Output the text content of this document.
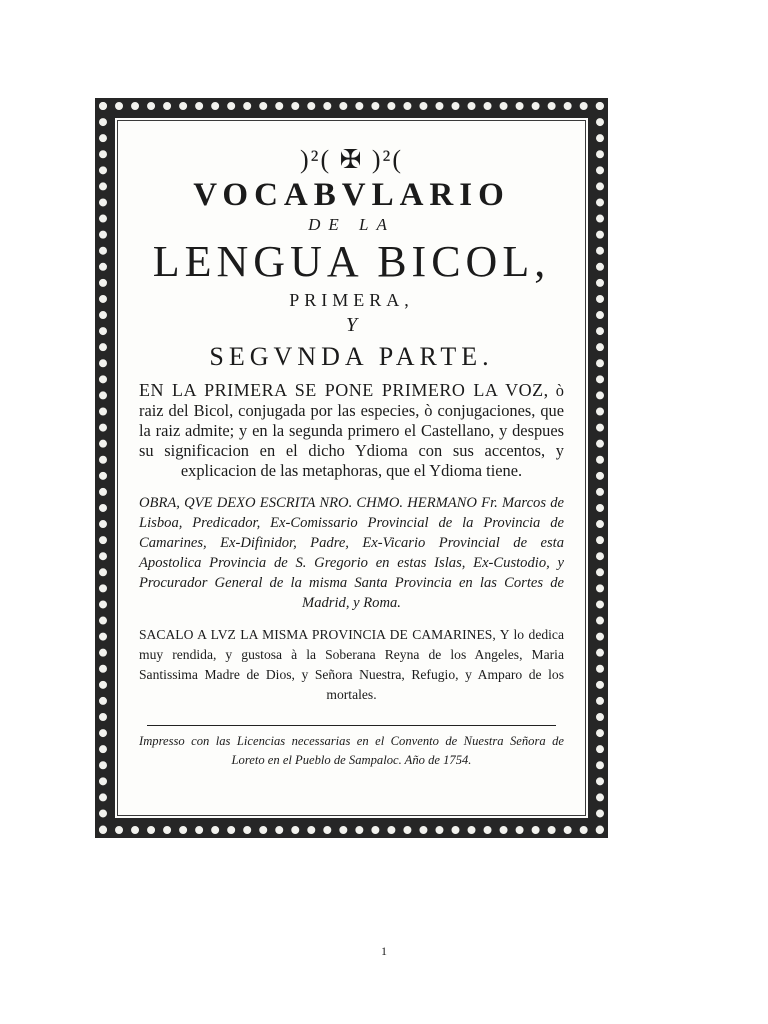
)²( ✠ )²(

VOCABVLARIO

DE LA

LENGUA BICOL,

PRIMERA,

Y

SEGVNDA PARTE.

EN LA PRIMERA SE PONE PRIMERO LA VOZ, ò raiz del Bicol, conjugada por las especies, ò conjugaciones, que la raiz admite; y en la segunda primero el Castellano, y despues su significacion en el dicho Ydioma con sus accentos, y explicacion de las metaphoras, que el Ydioma tiene.

OBRA, QVE DEXO ESCRITA NRO. CHMO. HERMANO Fr. Marcos de Lisboa, Predicador, Ex-Comissario Provincial de la Provincia de Camarines, Ex-Difinidor, Padre, Ex-Vicario Provincial de esta Apostolica Provincia de S. Gregorio en estas Islas, Ex-Custodio, y Procurador General de la misma Santa Provincia en las Cortes de Madrid, y Roma.

SACALO A LVZ LA MISMA PROVINCIA DE CAMARINES, Y lo dedica muy rendida, y gustosa à la Soberana Reyna de los Angeles, Maria Santissima Madre de Dios, y Señora Nuestra, Refugio, y Amparo de los mortales.

Impresso con las Licencias necessarias en el Convento de Nuestra Señora de Loreto en el Pueblo de Sampaloc. Año de 1754.

1
